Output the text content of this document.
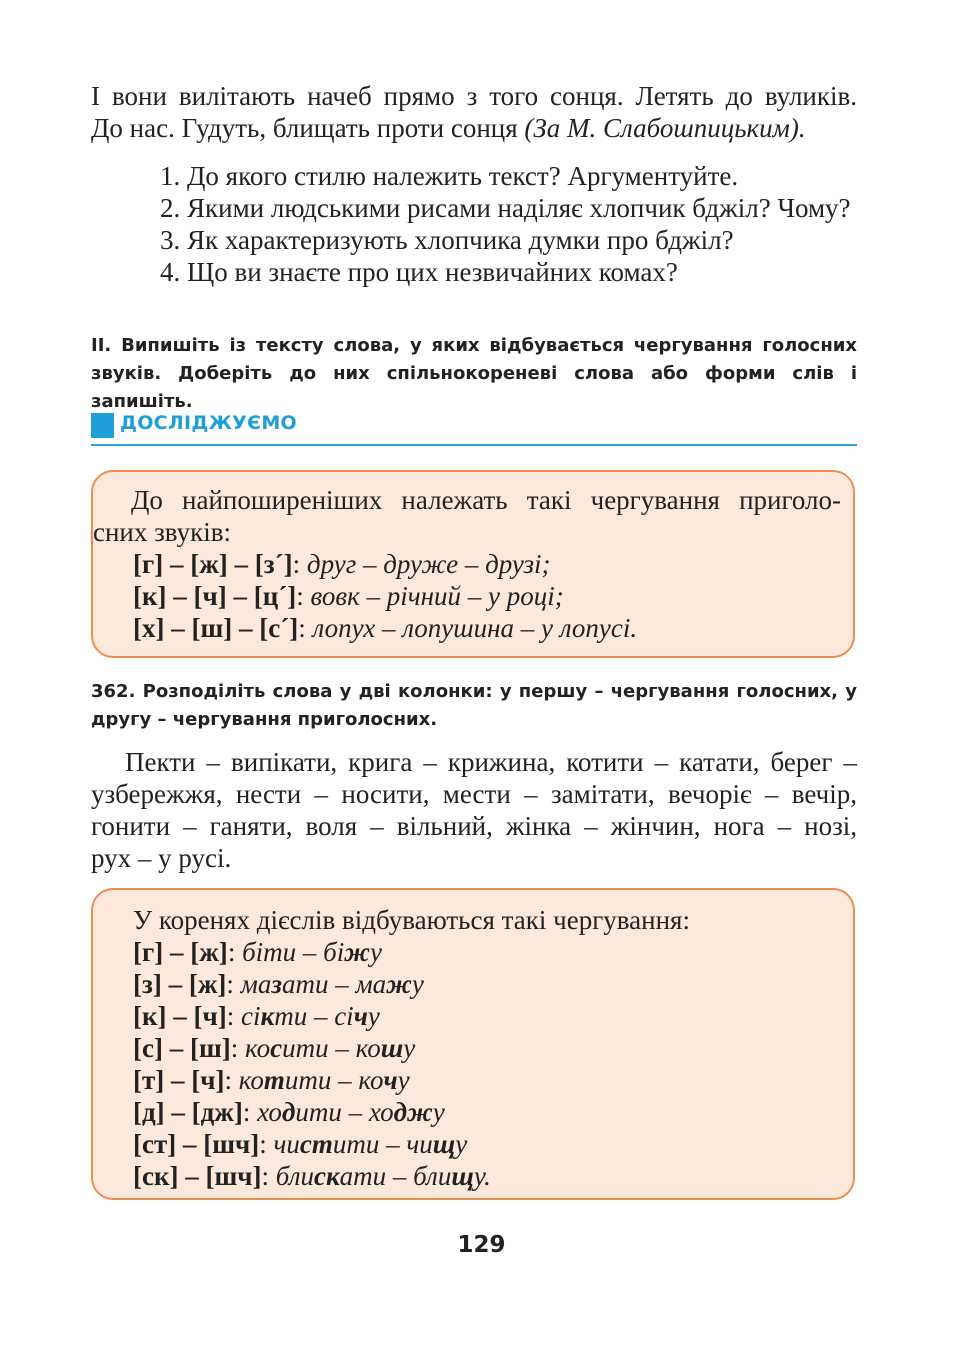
І вони вилітають начеб прямо з того сонця. Летять до вуликів.
До нас. Гудуть, блищать проти сонця (За М. Слабошпицьким).
1. До якого стилю належить текст? Аргументуйте.
2. Якими людськими рисами наділяє хлопчик бджіл? Чому?
3. Як характеризують хлопчика думки про бджіл?
4. Що ви знаєте про цих незвичайних комах?

II. Випишіть із тексту слова, у яких відбувається чергування голосних звуків. Доберіть до них спільнокореневі слова або форми слів і запишіть.

ДОСЛІДЖУЄМО
До найпоширеніших належать такі чергування приголо-
сних звуків:
[г] – [ж] – [з´]: друг – друже – друзі;
[к] – [ч] – [ц´]: вовк – річний – у році;
[х] – [ш] – [с´]: лопух – лопушина – у лопусі.

362. Розподіліть слова у дві колонки: у першу – чергування голосних, у другу – чергування приголосних.

Пекти – випікати, крига – крижина, котити – катати, берег –
узбережжя, нести – носити, мести – замітати, вечоріє – вечір,
гонити – ганяти, воля – вільний, жінка – жінчин, нога – нозі,
рух – у русі.
У коренях дієслів відбуваються такі чергування:
[г] – [ж]: біти – біжу
[з] – [ж]: мазати – мажу
[к] – [ч]: сікти – січу
[с] – [ш]: косити – кошу
[т] – [ч]: котити – кочу
[д] – [дж]: ходити – ходжу
[ст] – [шч]: чистити – чищу
[ск] – [шч]: блискати – блищу.
129
